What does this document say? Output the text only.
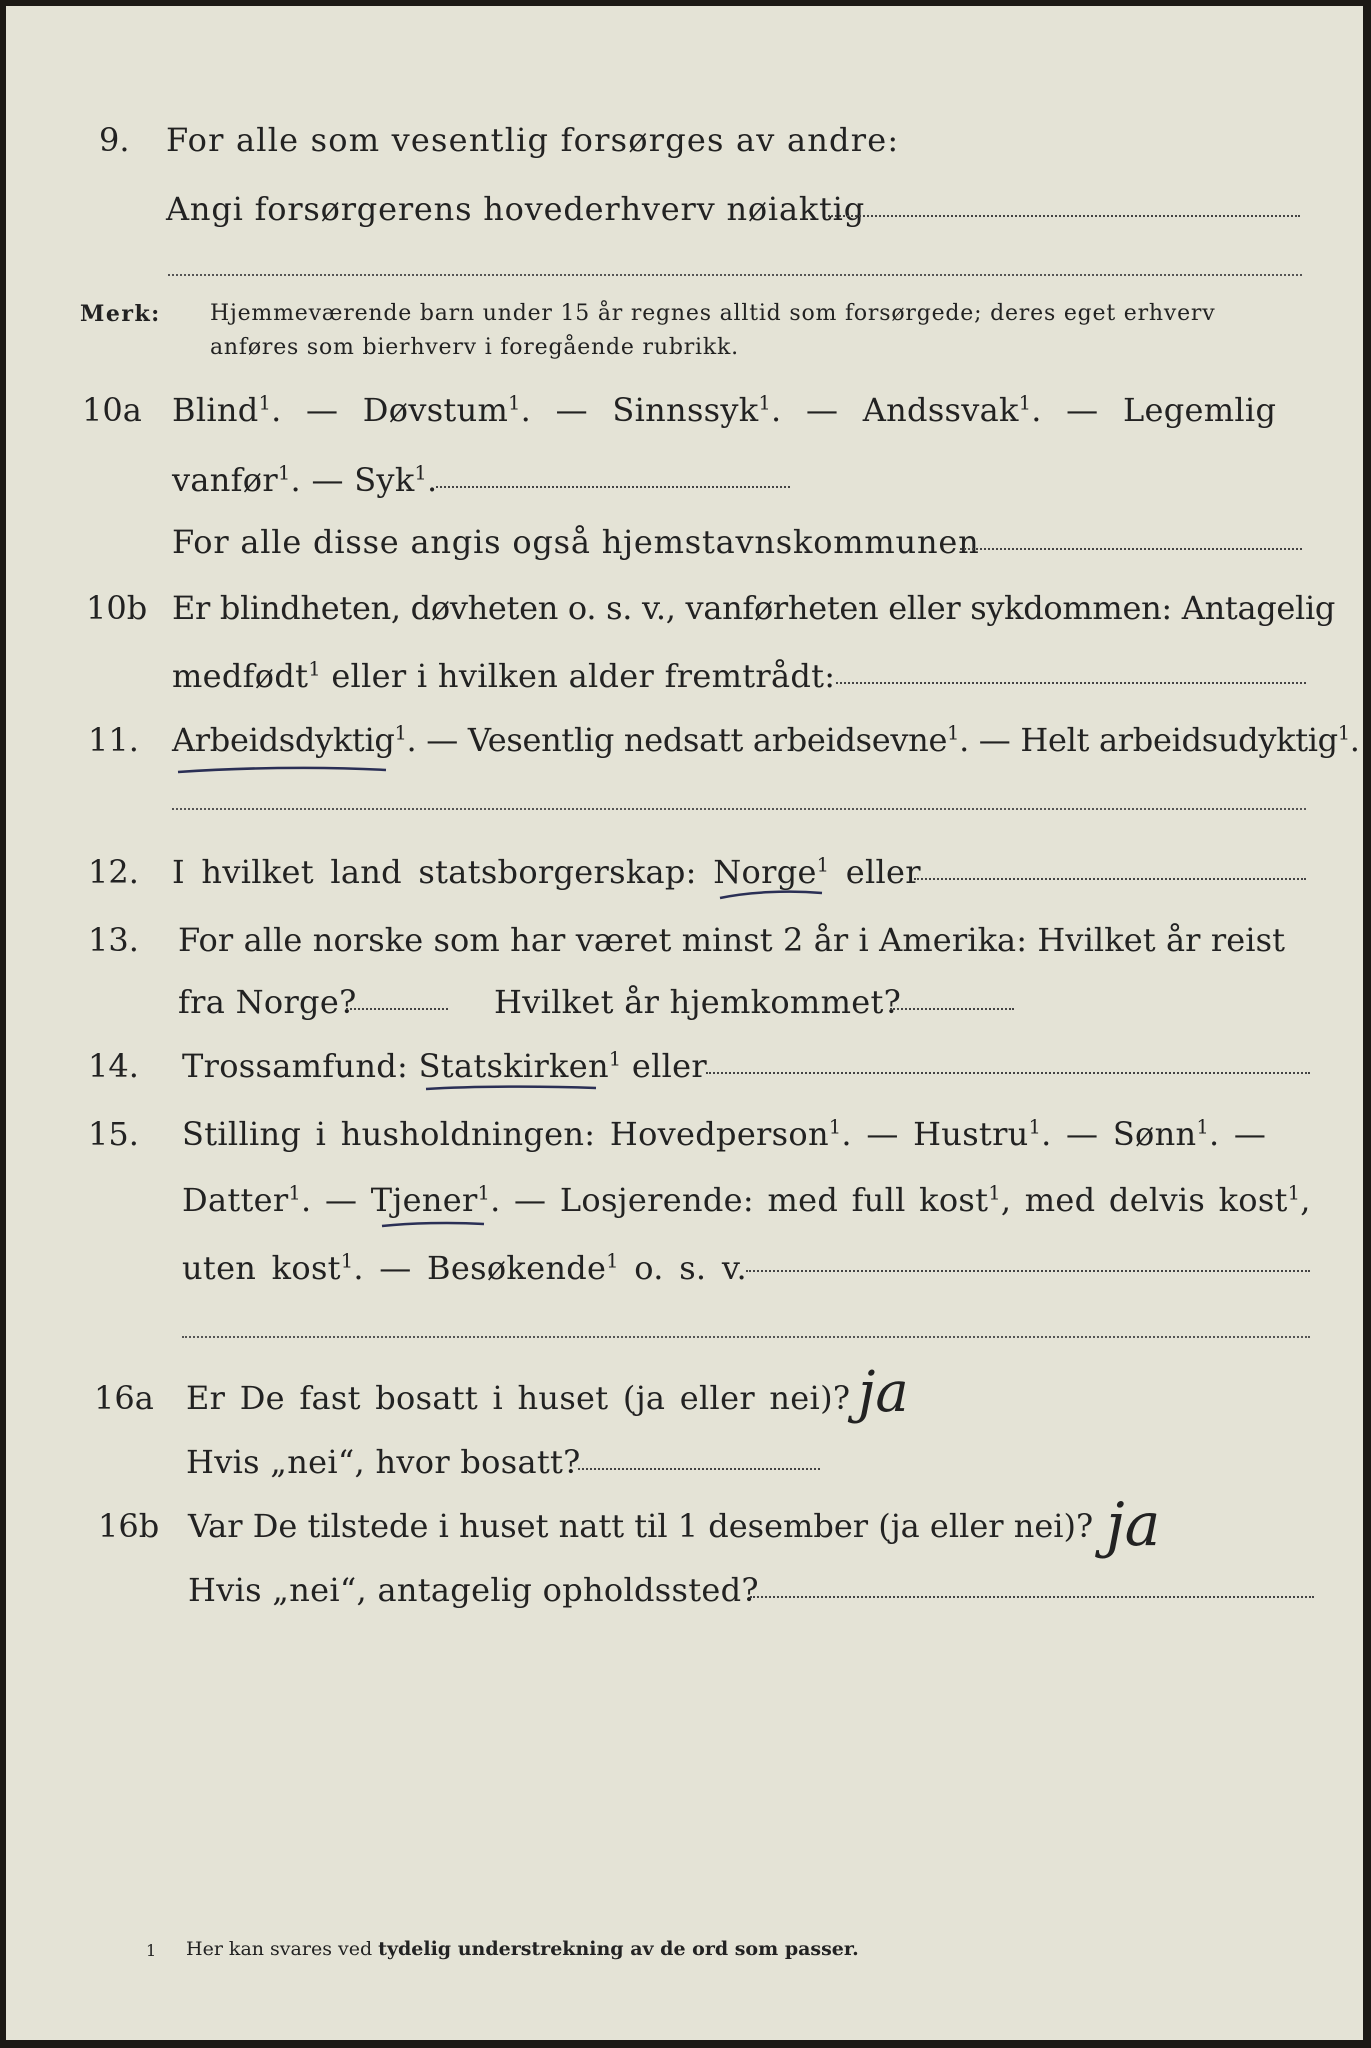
9. For alle som vesentlig forsørges av andre:
Angi forsørgerens hovederhverv nøiaktig
Merk: Hjemmeværende barn under 15 år regnes alltid som forsørgede; deres eget erhverv
anføres som bierhverv i foregående rubrikk.
10a Blind$^1$. — Døvstum$^1$. — Sinnssyk$^1$. — Andssvak$^1$. — Legemlig
vanfør$^1$. — Syk$^1$.
For alle disse angis også hjemstavnskommunen
10b Er blindheten, døvheten o. s. v., vanførheten eller sykdommen: Antagelig
medfødt$^1$ eller i hvilken alder fremtrådt:
11. Arbeidsdyktig$^1$. — Vesentlig nedsatt arbeidsevne$^1$. — Helt arbeidsudyktig$^1$.
12. I hvilket land statsborgerskap: Norge$^1$ eller
13. For alle norske som har været minst 2 år i Amerika: Hvilket år reist
fra Norge?	Hvilket år hjemkommet?
14. Trossamfund: Statskirken$^1$ eller
15. Stilling i husholdningen: Hovedperson$^1$. — Hustru$^1$. — Sønn$^1$. —
Datter$^1$. — Tjener$^1$. — Losjerende: med full kost$^1$, med delvis kost$^1$,
uten kost$^1$. — Besøkende$^1$ o. s. v.
16a Er De fast bosatt i huset (ja eller nei)? ja
Hvis „nei“, hvor bosatt?
16b Var De tilstede i huset natt til 1 desember (ja eller nei)? ja
Hvis „nei“, antagelig opholdssted?
1 Her kan svares ved tydelig understrekning av de ord som passer.
